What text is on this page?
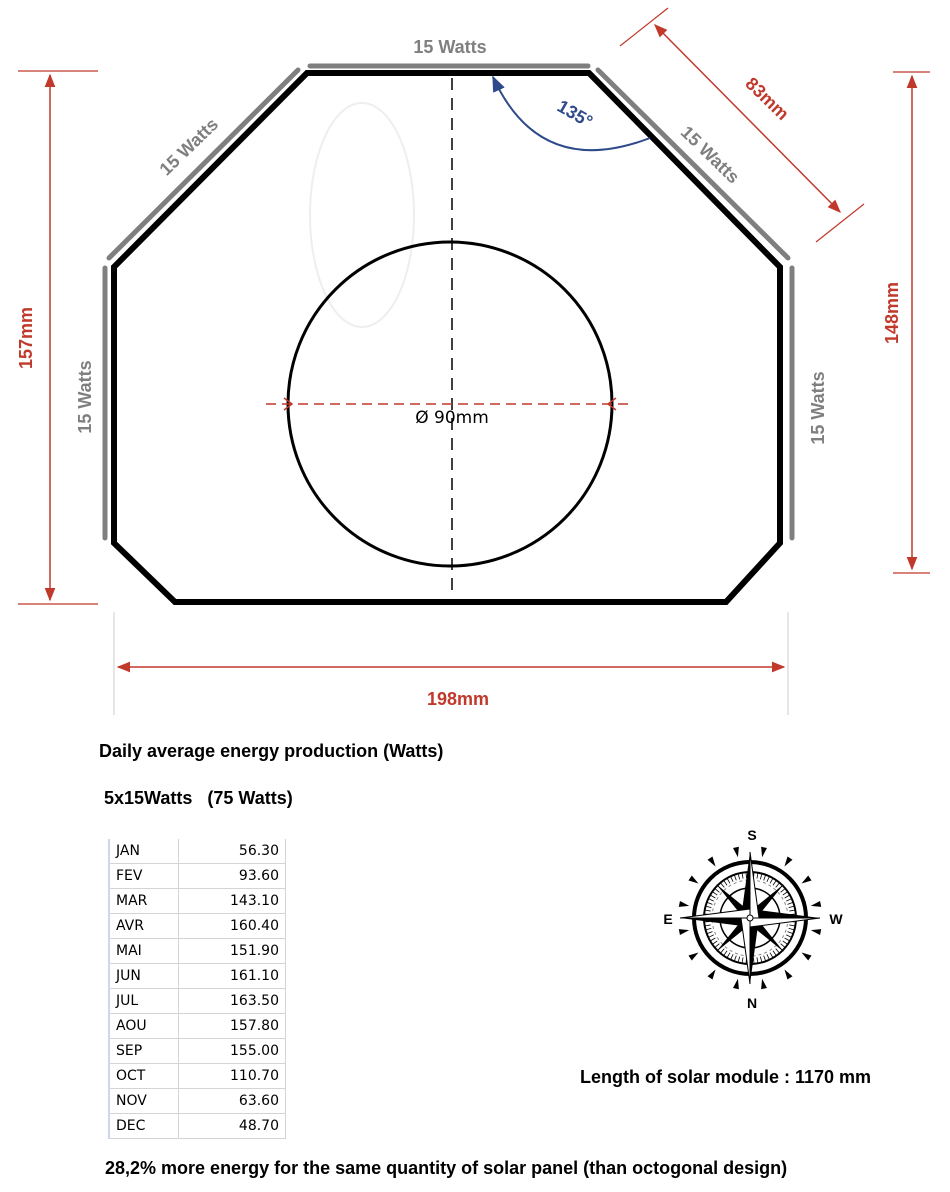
15 Watts
15 Watts	15 Watts
15 Watts	15 Watts
198mm
157mm	148mm
83mm
135°
Ø 90mm
S
N
E	W
Daily average energy production (Watts)
5x15Watts   (75 Watts)
JAN	56.30
FEV	93.60
MAR	143.10
AVR	160.40
MAI	151.90
JUN	161.10
JUL	163.50
AOU	157.80
SEP	155.00
OCT	110.70
NOV	63.60
DEC	48.70
Length of solar module : 1170 mm
28,2% more energy for the same quantity of solar panel (than octogonal design)
